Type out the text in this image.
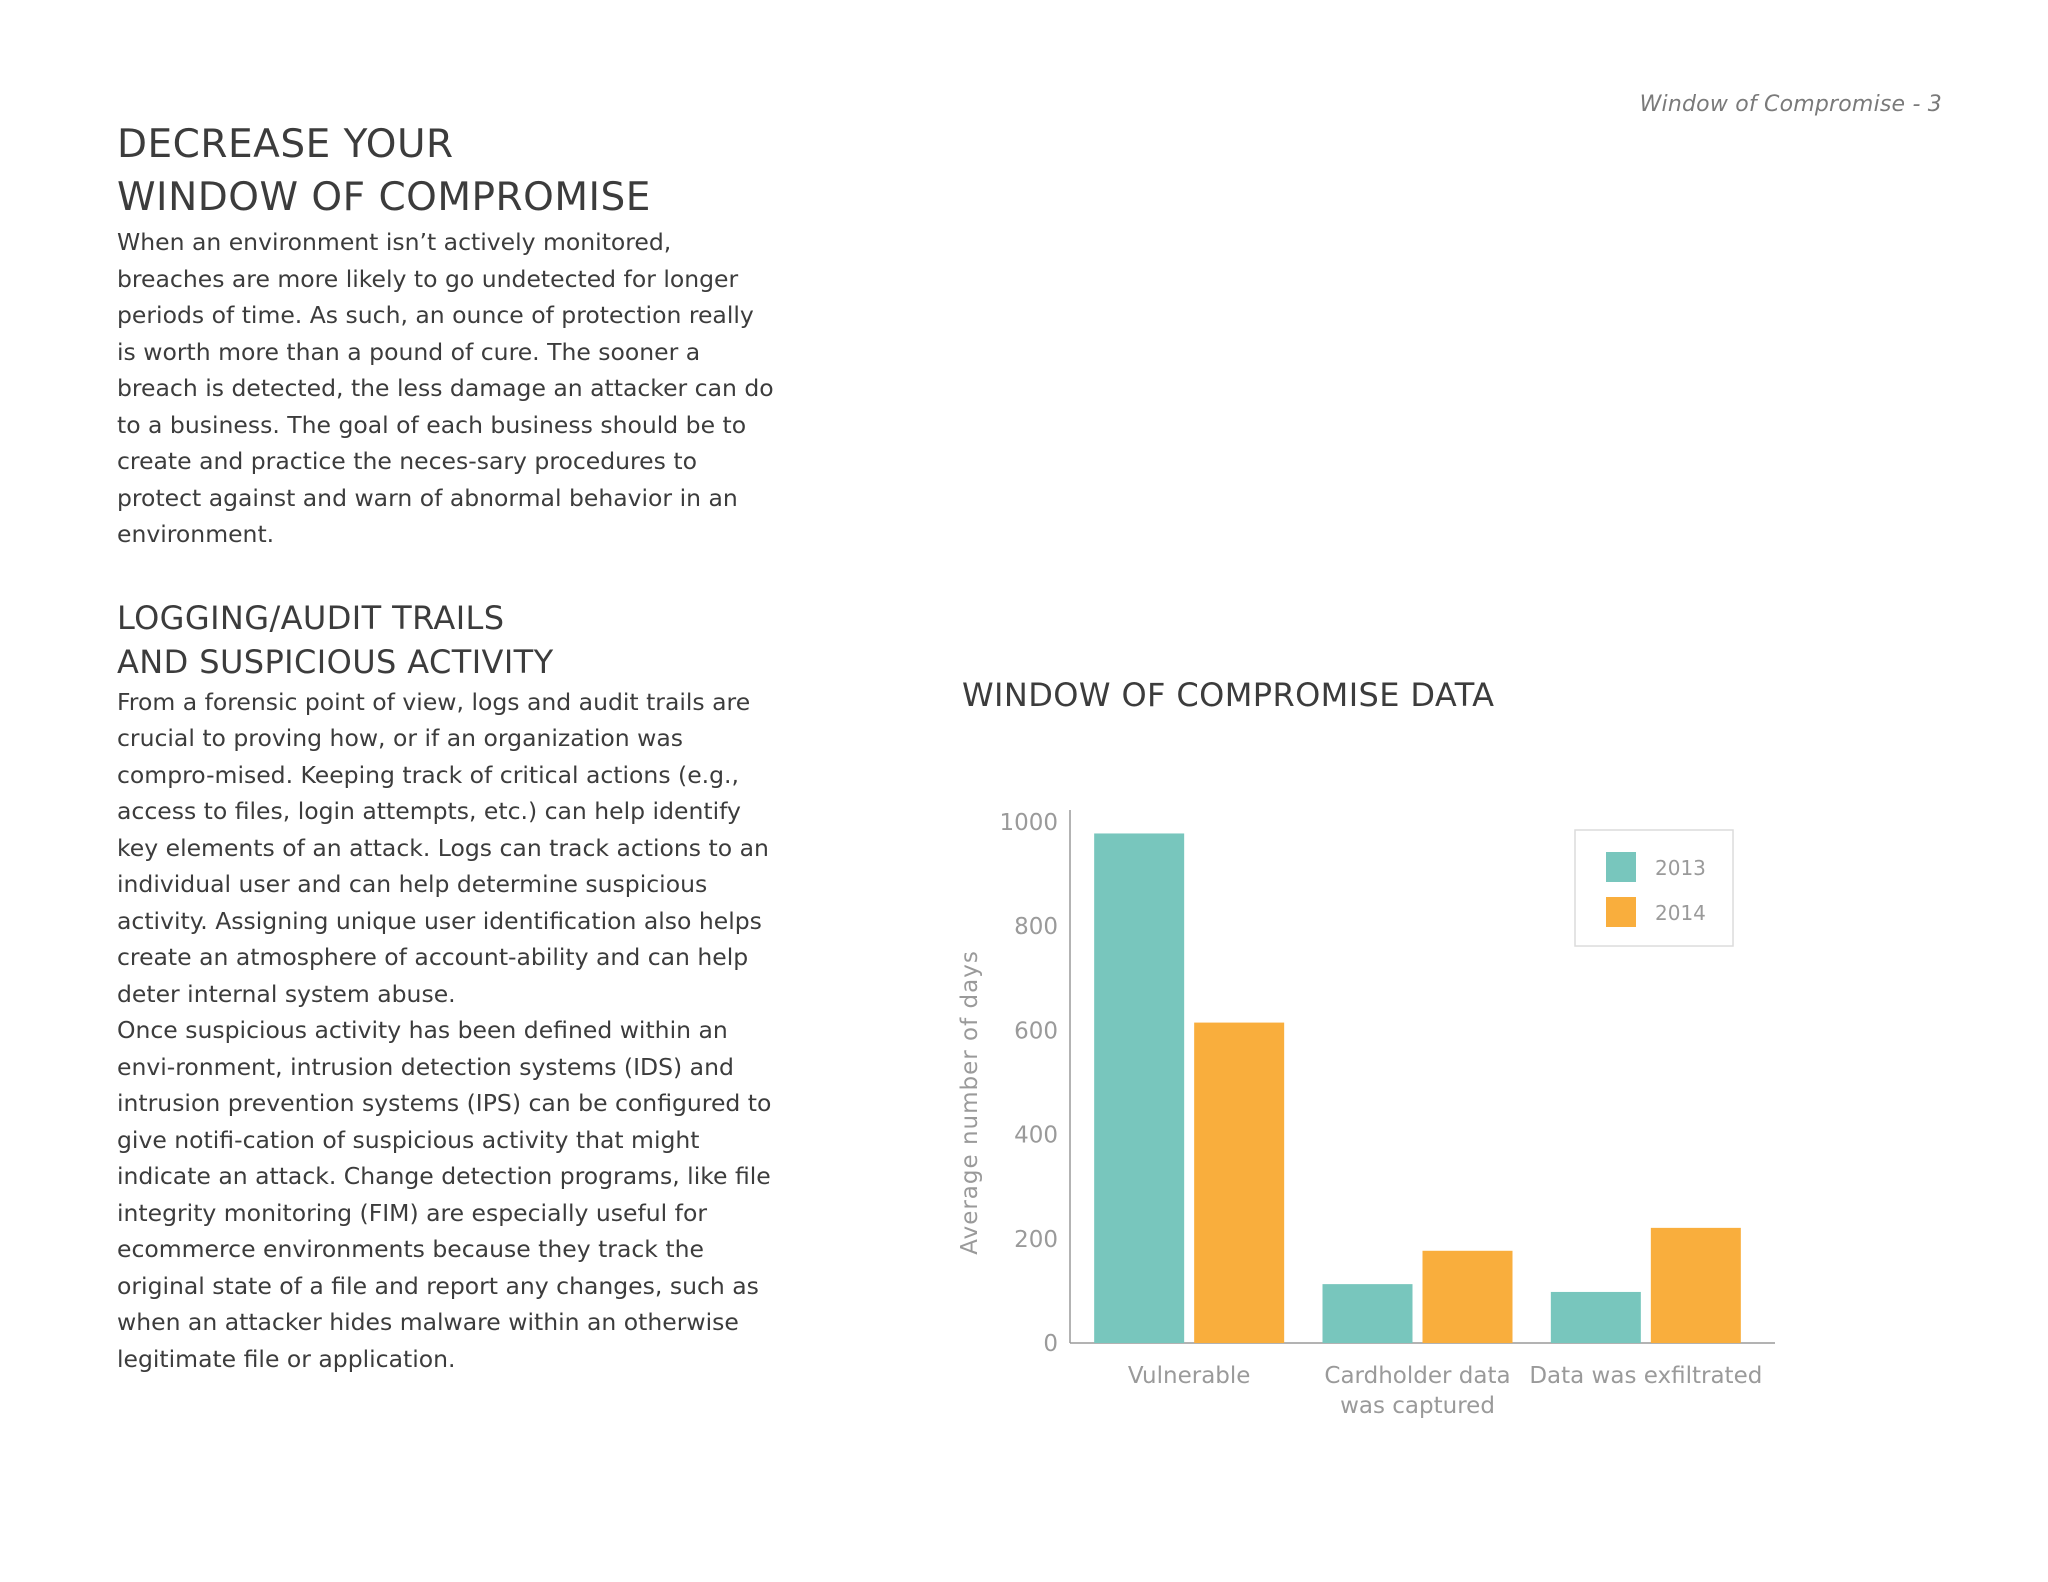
Window of Compromise - 3
DECREASE YOUR
WINDOW OF COMPROMISE

When an environment isn’t actively monitored, breaches are more likely to go undetected for longer periods of time. As such, an ounce of protection really is worth more than a pound of cure. The sooner a breach is detected, the less damage an attacker can do to a business. The goal of each business should be to create and practice the neces-sary procedures to protect against and warn of abnormal behavior in an environment.

LOGGING/AUDIT TRAILS
AND SUSPICIOUS ACTIVITY

From a forensic point of view, logs and audit trails are crucial to proving how, or if an organization was compro-mised. Keeping track of critical actions (e.g., access to files, login attempts, etc.) can help identify key elements of an attack. Logs can track actions to an individual user and can help determine suspicious activity. Assigning unique user identification also helps create an atmosphere of account-ability and can help deter internal system abuse.

Once suspicious activity has been defined within an envi-ronment, intrusion detection systems (IDS) and intrusion prevention systems (IPS) can be configured to give notifi-cation of suspicious activity that might indicate an attack. Change detection programs, like file integrity monitoring (FIM) are especially useful for ecommerce environments because they track the original state of a file and report any changes, such as when an attacker hides malware within an otherwise legitimate file or application.

WINDOW OF COMPROMISE DATA
0
200
400
600
800
1000
Average number of days
Vulnerable	Cardholder data
was captured
Data was exfiltrated
2013
2014
